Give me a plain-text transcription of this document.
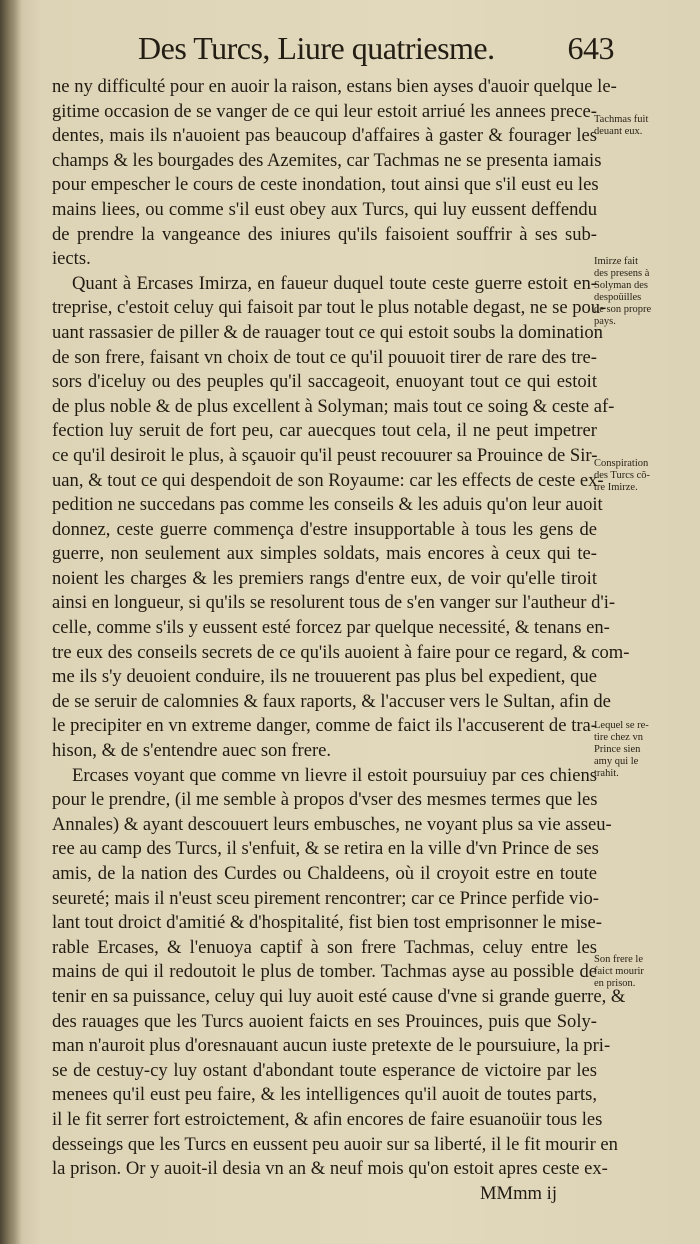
Des Turcs, Liure quatriesme. 643
ne ny difficulté pour en auoir la raison, estans bien ayses d'auoir quelque le-
gitime occasion de se vanger de ce qui leur estoit arriué les annees prece-
dentes, mais ils n'auoient pas beaucoup d'affaires à gaster & fourager les
champs & les bourgades des Azemites, car Tachmas ne se presenta iamais
pour empescher le cours de ceste inondation, tout ainsi que s'il eust eu les
mains liees, ou comme s'il eust obey aux Turcs, qui luy eussent deffendu
de prendre la vangeance des iniures qu'ils faisoient souffrir à ses sub-
iects.
Quant à Ercases Imirza, en faueur duquel toute ceste guerre estoit en-
treprise, c'estoit celuy qui faisoit par tout le plus notable degast, ne se pou-
uant rassasier de piller & de rauager tout ce qui estoit soubs la domination
de son frere, faisant vn choix de tout ce qu'il pouuoit tirer de rare des tre-
sors d'iceluy ou des peuples qu'il saccageoit, enuoyant tout ce qui estoit
de plus noble & de plus excellent à Solyman; mais tout ce soing & ceste af-
fection luy seruit de fort peu, car auecques tout cela, il ne peut impetrer
ce qu'il desiroit le plus, à sçauoir qu'il peust recouurer sa Prouince de Sir-
uan, & tout ce qui despendoit de son Royaume: car les effects de ceste ex-
pedition ne succedans pas comme les conseils & les aduis qu'on leur auoit
donnez, ceste guerre commença d'estre insupportable à tous les gens de
guerre, non seulement aux simples soldats, mais encores à ceux qui te-
noient les charges & les premiers rangs d'entre eux, de voir qu'elle tiroit
ainsi en longueur, si qu'ils se resolurent tous de s'en vanger sur l'autheur d'i-
celle, comme s'ils y eussent esté forcez par quelque necessité, & tenans en-
tre eux des conseils secrets de ce qu'ils auoient à faire pour ce regard, & com-
me ils s'y deuoient conduire, ils ne trouuerent pas plus bel expedient, que
de se seruir de calomnies & faux raports, & l'accuser vers le Sultan, afin de
le precipiter en vn extreme danger, comme de faict ils l'accuserent de tra-
hison, & de s'entendre auec son frere.
Ercases voyant que comme vn lievre il estoit poursuiuy par ces chiens
pour le prendre, (il me semble à propos d'vser des mesmes termes que les
Annales) & ayant descouuert leurs embusches, ne voyant plus sa vie asseu-
ree au camp des Turcs, il s'enfuit, & se retira en la ville d'vn Prince de ses
amis, de la nation des Curdes ou Chaldeens, où il croyoit estre en toute
seureté; mais il n'eust sceu pirement rencontrer; car ce Prince perfide vio-
lant tout droict d'amitié & d'hospitalité, fist bien tost emprisonner le mise-
rable Ercases, & l'enuoya captif à son frere Tachmas, celuy entre les
mains de qui il redoutoit le plus de tomber. Tachmas ayse au possible de
tenir en sa puissance, celuy qui luy auoit esté cause d'vne si grande guerre, &
des rauages que les Turcs auoient faicts en ses Prouinces, puis que Soly-
man n'auroit plus d'oresnauant aucun iuste pretexte de le poursuiure, la pri-
se de cestuy-cy luy ostant d'abondant toute esperance de victoire par les
menees qu'il eust peu faire, & les intelligences qu'il auoit de toutes parts,
il le fit serrer fort estroictement, & afin encores de faire esuanoüir tous les
desseings que les Turcs en eussent peu auoir sur sa liberté, il le fit mourir en
la prison. Or y auoit-il desia vn an & neuf mois qu'on estoit apres ceste ex-
MMmm ij
Tachmas fuit
deuant eux.
Imirze fait
des presens à
Solyman des
despoüilles
de son propre
pays.
Conspiration
des Turcs cõ-
tre Imirze.
Lequel se re-
tire chez vn
Prince sien
amy qui le
trahit.
Son frere le
faict mourir
en prison.
